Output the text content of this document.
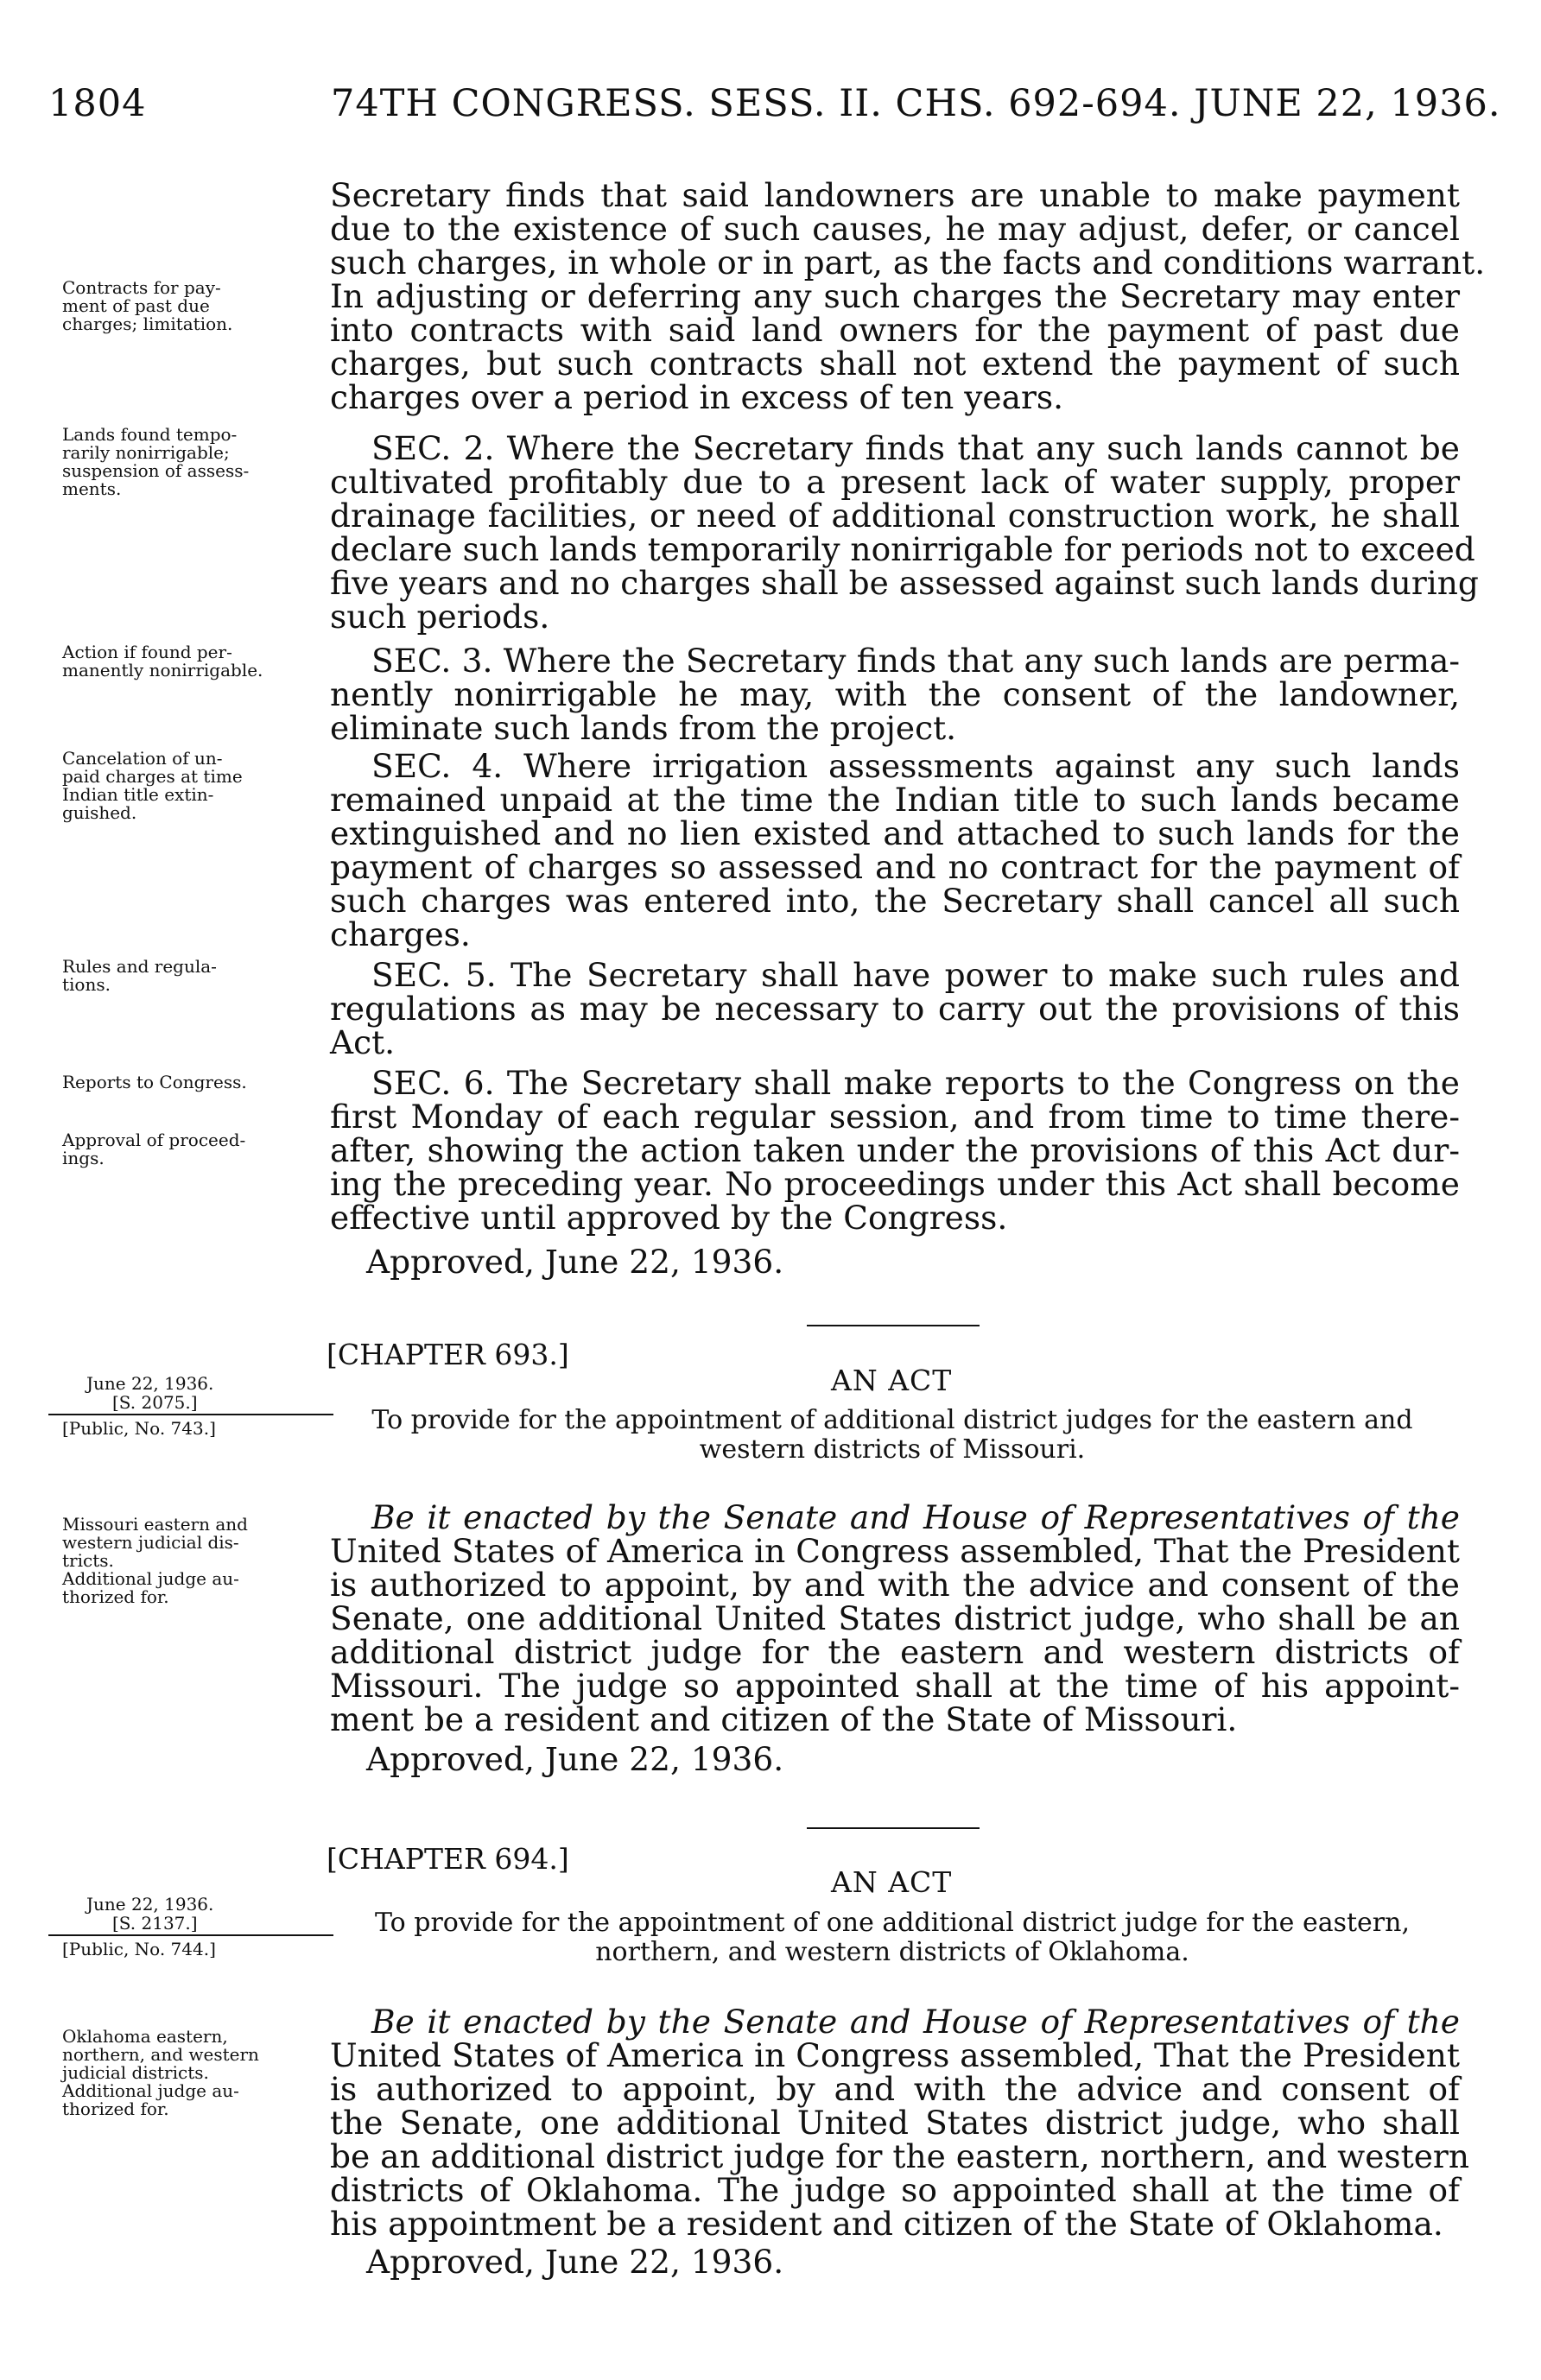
1804	74TH CONGRESS. SESS. II. CHS. 692-694. JUNE 22, 1936.
Contracts for pay-
ment of past due
charges; limitation.
Lands found tempo-
rarily nonirrigable;
suspension of assess-
ments.
Action if found per-
manently nonirrigable.
Cancelation of un-
paid charges at time
Indian title extin-
guished.
Rules and regula-
tions.
Reports to Congress.
Approval of proceed-
ings.
June 22, 1936.
[S. 2075.]
[Public, No. 743.]
Missouri eastern and
western judicial dis-
tricts.
Additional judge au-
thorized for.
June 22, 1936.
[S. 2137.]
[Public, No. 744.]
Oklahoma eastern,
northern, and western
judicial districts.
Additional judge au-
thorized for.
Secretary finds that said landowners are unable to make payment
due to the existence of such causes, he may adjust, defer, or cancel
such charges, in whole or in part, as the facts and conditions warrant.
In adjusting or deferring any such charges the Secretary may enter
into contracts with said land owners for the payment of past due
charges, but such contracts shall not extend the payment of such
charges over a period in excess of ten years.
SEC. 2. Where the Secretary finds that any such lands cannot be
cultivated profitably due to a present lack of water supply, proper
drainage facilities, or need of additional construction work, he shall
declare such lands temporarily nonirrigable for periods not to exceed
five years and no charges shall be assessed against such lands during
such periods.
SEC. 3. Where the Secretary finds that any such lands are perma-
nently nonirrigable he may, with the consent of the landowner,
eliminate such lands from the project.
SEC. 4. Where irrigation assessments against any such lands
remained unpaid at the time the Indian title to such lands became
extinguished and no lien existed and attached to such lands for the
payment of charges so assessed and no contract for the payment of
such charges was entered into, the Secretary shall cancel all such
charges.
SEC. 5. The Secretary shall have power to make such rules and
regulations as may be necessary to carry out the provisions of this
Act.
SEC. 6. The Secretary shall make reports to the Congress on the
first Monday of each regular session, and from time to time there-
after, showing the action taken under the provisions of this Act dur-
ing the preceding year. No proceedings under this Act shall become
effective until approved by the Congress.
Approved, June 22, 1936.
[CHAPTER 693.]
AN ACT
To provide for the appointment of additional district judges for the eastern and
western districts of Missouri.
Be it enacted by the Senate and House of Representatives of the
United States of America in Congress assembled, That the President
is authorized to appoint, by and with the advice and consent of the
Senate, one additional United States district judge, who shall be an
additional district judge for the eastern and western districts of
Missouri. The judge so appointed shall at the time of his appoint-
ment be a resident and citizen of the State of Missouri.
Approved, June 22, 1936.
[CHAPTER 694.]
AN ACT
To provide for the appointment of one additional district judge for the eastern,
northern, and western districts of Oklahoma.
Be it enacted by the Senate and House of Representatives of the
United States of America in Congress assembled, That the President
is authorized to appoint, by and with the advice and consent of
the Senate, one additional United States district judge, who shall
be an additional district judge for the eastern, northern, and western
districts of Oklahoma. The judge so appointed shall at the time of
his appointment be a resident and citizen of the State of Oklahoma.
Approved, June 22, 1936.
